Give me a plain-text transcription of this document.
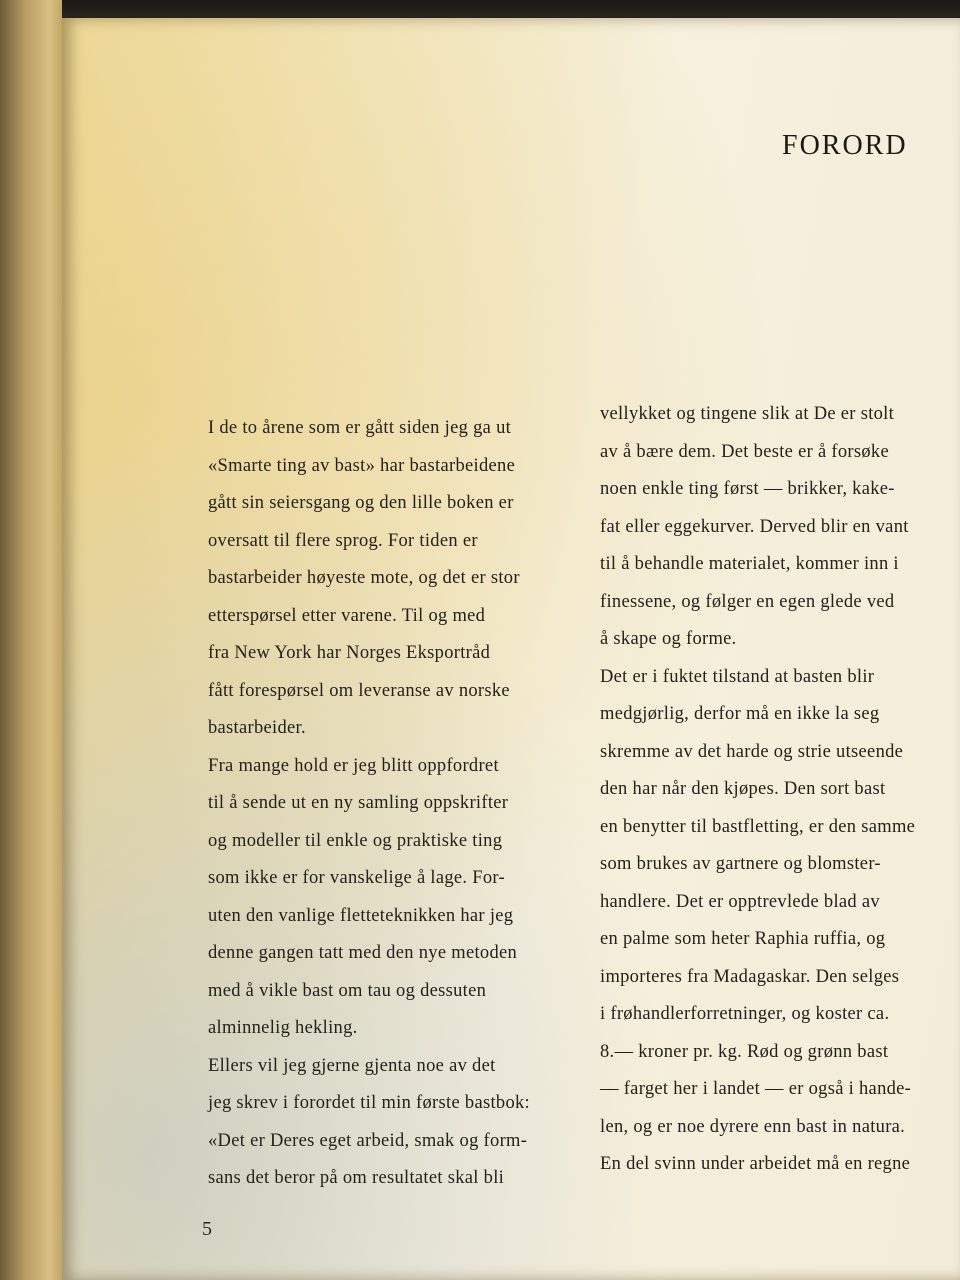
FORORD

I de to årene som er gått siden jeg ga ut
«Smarte ting av bast» har bastarbeidene
gått sin seiersgang og den lille boken er
oversatt til flere sprog. For tiden er
bastarbeider høyeste mote, og det er stor
etterspørsel etter varene. Til og med
fra New York har Norges Eksportråd
fått forespørsel om leveranse av norske
bastarbeider.

Fra mange hold er jeg blitt oppfordret
til å sende ut en ny samling oppskrifter
og modeller til enkle og praktiske ting
som ikke er for vanskelige å lage. For-
uten den vanlige fletteteknikken har jeg
denne gangen tatt med den nye metoden
med å vikle bast om tau og dessuten
alminnelig hekling.

Ellers vil jeg gjerne gjenta noe av det
jeg skrev i forordet til min første bastbok:
«Det er Deres eget arbeid, smak og form-
sans det beror på om resultatet skal bli

vellykket og tingene slik at De er stolt
av å bære dem. Det beste er å forsøke
noen enkle ting først — brikker, kake-
fat eller eggekurver. Derved blir en vant
til å behandle materialet, kommer inn i
finessene, og følger en egen glede ved
å skape og forme.

Det er i fuktet tilstand at basten blir
medgjørlig, derfor må en ikke la seg
skremme av det harde og strie utseende
den har når den kjøpes. Den sort bast
en benytter til bastfletting, er den samme
som brukes av gartnere og blomster-
handlere. Det er opptrevlede blad av
en palme som heter Raphia ruffia, og
importeres fra Madagaskar. Den selges
i frøhandlerforretninger, og koster ca.
8.— kroner pr. kg. Rød og grønn bast
— farget her i landet — er også i hande-
len, og er noe dyrere enn bast in natura.
En del svinn under arbeidet må en regne

5
